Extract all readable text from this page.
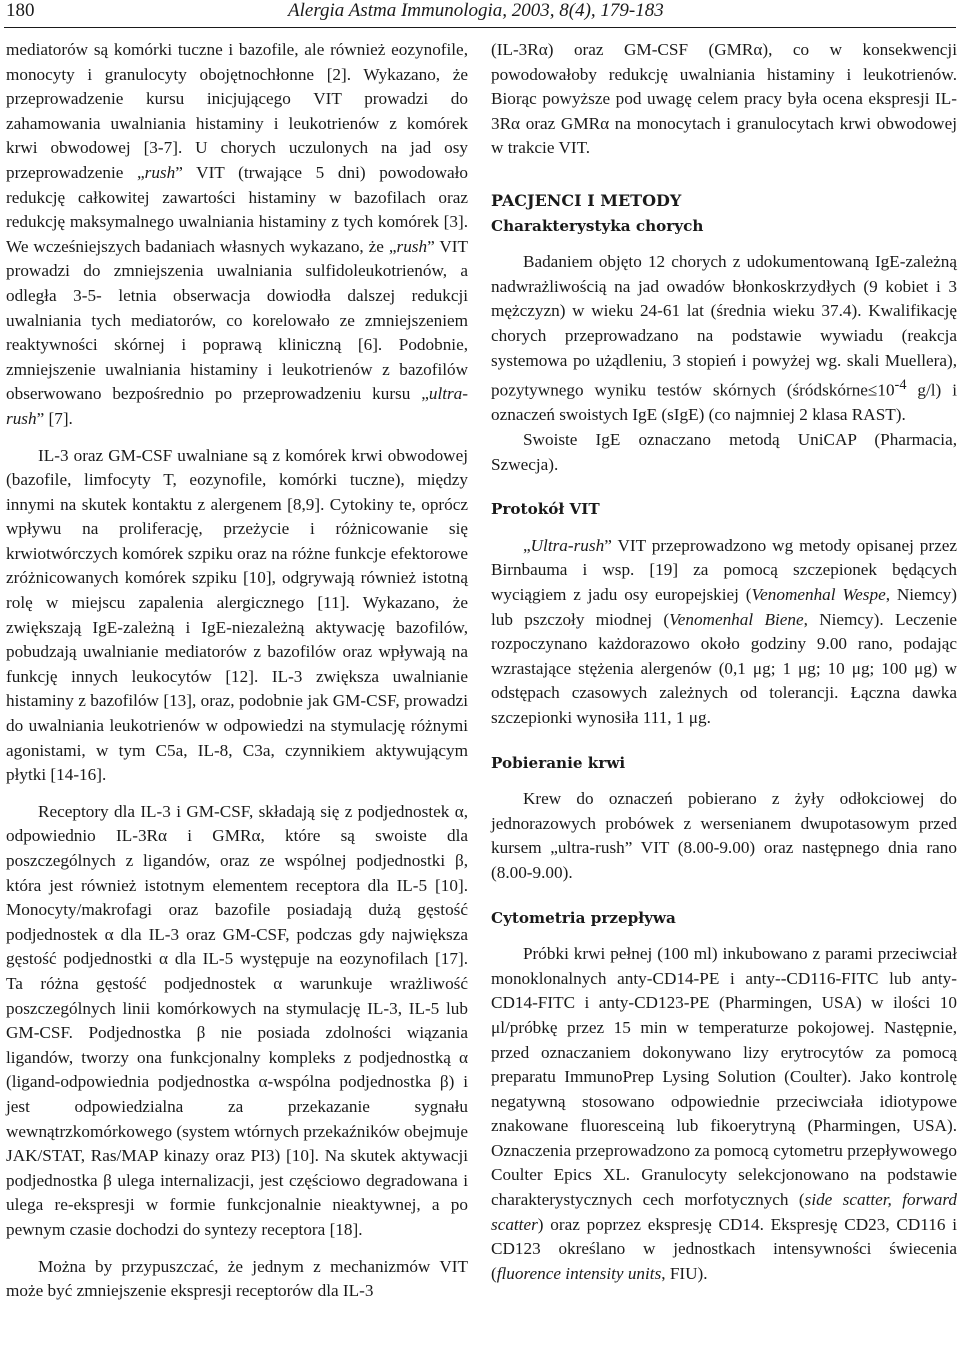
180	Alergia Astma Immunologia, 2003, 8(4), 179-183

mediatorów są komórki tuczne i bazofile, ale również eozynofile, monocyty i granulocyty obojętnochłonne [2]. Wykazano, że przeprowadzenie kursu inicjującego VIT prowadzi do zahamowania uwalniania histaminy i leukotrienów z komórek krwi obwodowej [3-7]. U chorych uczulonych na jad osy przeprowadzenie „rush” VIT (trwające 5 dni) powodowało redukcję całkowitej zawartości histaminy w bazofilach oraz redukcję maksymalnego uwalniania histaminy z tych komórek [3]. We wcześniejszych badaniach własnych wykazano, że „rush” VIT prowadzi do zmniejszenia uwalniania sulfidoleukotrienów, a odległa 3-5- letnia obserwacja dowiodła dalszej redukcji uwalniania tych mediatorów, co korelowało ze zmniejszeniem reaktywności skórnej i poprawą kliniczną [6]. Podobnie, zmniejszenie uwalniania histaminy i leukotrienów z bazofilów obserwowano bezpośrednio po przeprowadzeniu kursu „ultra-rush” [7].

IL-3 oraz GM-CSF uwalniane są z komórek krwi obwodowej (bazofile, limfocyty T, eozynofile, komórki tuczne), między innymi na skutek kontaktu z alergenem [8,9]. Cytokiny te, oprócz wpływu na proliferację, przeżycie i różnicowanie się krwiotwórczych komórek szpiku oraz na różne funkcje efektorowe zróżnicowanych komórek szpiku [10], odgrywają również istotną rolę w miejscu zapalenia alergicznego [11]. Wykazano, że zwiększają IgE-zależną i IgE-niezależną aktywację bazofilów, pobudzają uwalnianie mediatorów z bazofilów oraz wpływają na funkcję innych leukocytów [12]. IL-3 zwiększa uwalnianie histaminy z bazofilów [13], oraz, podobnie jak GM-CSF, prowadzi do uwalniania leukotrienów w odpowiedzi na stymulację różnymi agonistami, w tym C5a, IL-8, C3a, czynnikiem aktywującym płytki [14-16].

Receptory dla IL-3 i GM-CSF, składają się z podjednostek α, odpowiednio IL-3Rα i GMRα, które są swoiste dla poszczególnych z ligandów, oraz ze wspólnej podjednostki β, która jest również istotnym elementem receptora dla IL-5 [10]. Monocyty/makrofagi oraz bazofile posiadają dużą gęstość podjednostek α dla IL-3 oraz GM-CSF, podczas gdy największa gęstość podjednostki α dla IL-5 występuje na eozynofilach [17]. Ta różna gęstość podjednostek α warunkuje wrażliwość poszczególnych linii komórkowych na stymulację IL-3, IL-5 lub GM-CSF. Podjednostka β nie posiada zdolności wiązania ligandów, tworzy ona funkcjonalny kompleks z podjednostką α (ligand-odpowiednia podjednostka α-wspólna podjednostka β) i jest odpowiedzialna za przekazanie sygnału wewnątrzkomórkowego (system wtórnych przekaźników obejmuje JAK/STAT, Ras/MAP kinazy oraz PI3) [10]. Na skutek aktywacji podjednostka β ulega internalizacji, jest częściowo degradowana i ulega re-ekspresji w formie funkcjonalnie nieaktywnej, a po pewnym czasie dochodzi do syntezy receptora [18].

Można by przypuszczać, że jednym z mechanizmów VIT może być zmniejszenie ekspresji receptorów dla IL-3

(IL-3Rα) oraz GM-CSF (GMRα), co w konsekwencji powodowałoby redukcję uwalniania histaminy i leukotrienów. Biorąc powyższe pod uwagę celem pracy była ocena ekspresji IL-3Rα oraz GMRα na monocytach i granulocytach krwi obwodowej w trakcie VIT.

PACJENCI I METODY

Charakterystyka chorych

Badaniem objęto 12 chorych z udokumentowaną IgE-zależną nadwrażliwością na jad owadów błonkoskrzydłych (9 kobiet i 3 mężczyzn) w wieku 24-61 lat (średnia wieku 37.4). Kwalifikację chorych przeprowadzano na podstawie wywiadu (reakcja systemowa po użądleniu, 3 stopień i powyżej wg. skali Muellera), pozytywnego wyniku testów skórnych ($śródskórne\le 10^{-4}$ g/l) i oznaczeń swoistych IgE (sIgE) (co najmniej 2 klasa RAST).

Swoiste IgE oznaczano metodą UniCAP (Pharmacia, Szwecja).

Protokół VIT

„Ultra-rush” VIT przeprowadzono wg metody opisanej przez Birnbauma i wsp. [19] za pomocą szczepionek będących wyciągiem z jadu osy europejskiej (Venomenhal Wespe, Niemcy) lub pszczoły miodnej (Venomenhal Biene, Niemcy). Leczenie rozpoczynano każdorazowo około godziny 9.00 rano, podając wzrastające stężenia alergenów (0,1 μg; 1 μg; 10 μg; 100 μg) w odstępach czasowych zależnych od tolerancji. Łączna dawka szczepionki wynosiła 111, 1 μg.

Pobieranie krwi

Krew do oznaczeń pobierano z żyły odłokciowej do jednorazowych probówek z wersenianem dwupotasowym przed kursem „ultra-rush” VIT (8.00-9.00) oraz następnego dnia rano (8.00-9.00).

Cytometria przepływa

Próbki krwi pełnej (100 ml) inkubowano z parami przeciwciał monoklonalnych anty-CD14-PE i anty--CD116-FITC lub anty-CD14-FITC i anty-CD123-PE (Pharmingen, USA) w ilości 10 μl/próbkę przez 15 min w temperaturze pokojowej. Następnie, przed oznaczaniem dokonywano lizy erytrocytów za pomocą preparatu ImmunoPrep Lysing Solution (Coulter). Jako kontrolę negatywną stosowano odpowiednie przeciwciała idiotypowe znakowane fluoresceiną lub fikoerytryną (Pharmingen, USA). Oznaczenia przeprowadzono za pomocą cytometru przepływowego Coulter Epics XL. Granulocyty selekcjonowano na podstawie charakterystycznych cech morfotycznych (side scatter, forward scatter) oraz poprzez ekspresję CD14. Ekspresję CD23, CD116 i CD123 określano w jednostkach intensywności świecenia (fluorence intensity units, FIU).
